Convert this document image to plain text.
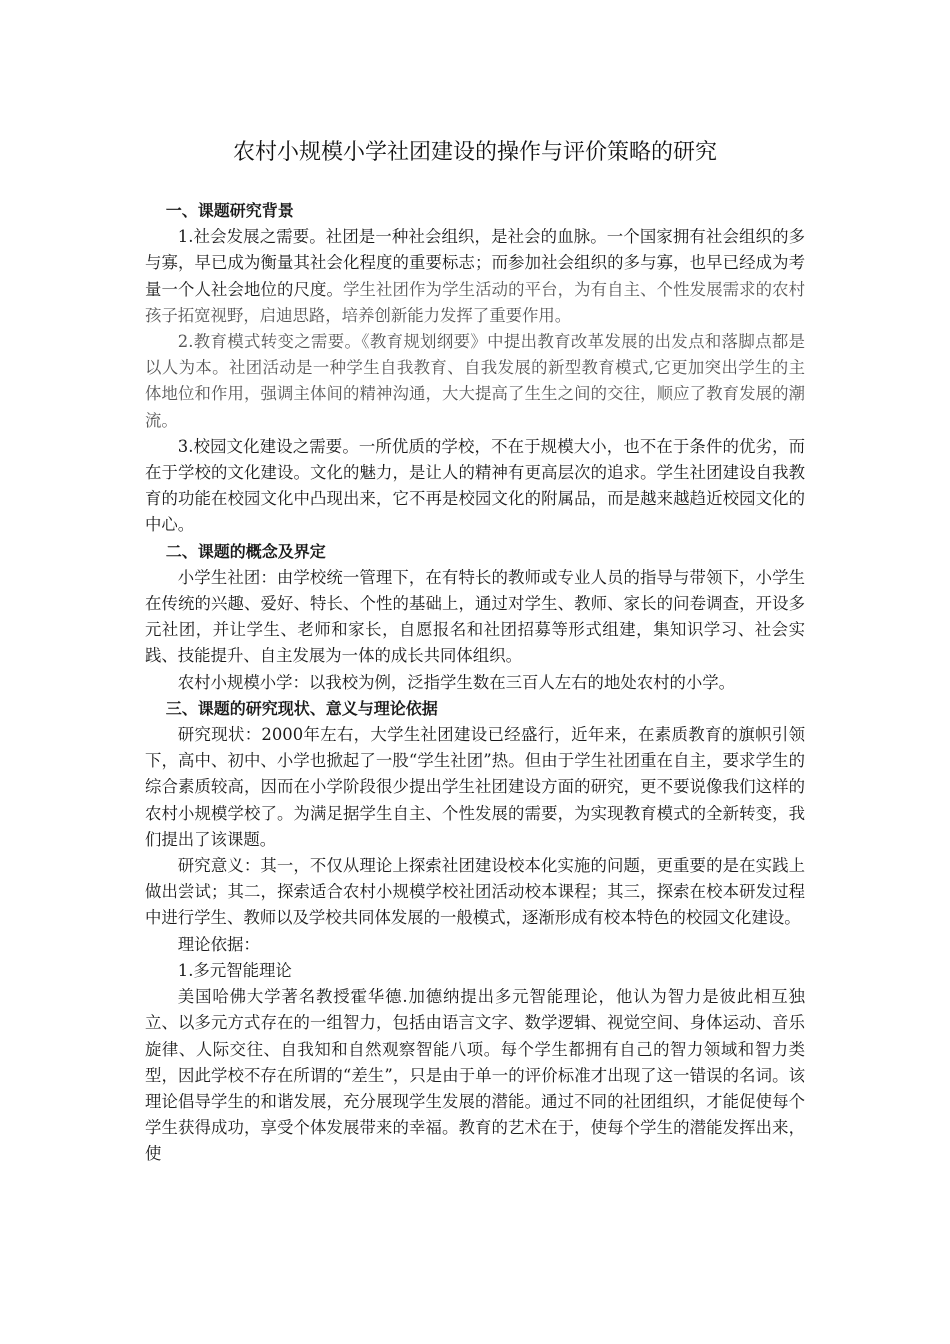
农村小规模小学社团建设的操作与评价策略的研究

一、课题研究背景

1.社会发展之需要。社团是一种社会组织，是社会的血脉。一个国家拥有社会组织的多与寡，早已成为衡量其社会化程度的重要标志；而参加社会组织的多与寡，也早已经成为考量一个人社会地位的尺度。学生社团作为学生活动的平台，为有自主、个性发展需求的农村孩子拓宽视野，启迪思路，培养创新能力发挥了重要作用。

2.教育模式转变之需要。《教育规划纲要》中提出教育改革发展的出发点和落脚点都是以人为本。社团活动是一种学生自我教育、自我发展的新型教育模式,它更加突出学生的主体地位和作用，强调主体间的精神沟通，大大提高了生生之间的交往，顺应了教育发展的潮流。

3.校园文化建设之需要。一所优质的学校，不在于规模大小，也不在于条件的优劣，而在于学校的文化建设。文化的魅力，是让人的精神有更高层次的追求。学生社团建设自我教育的功能在校园文化中凸现出来，它不再是校园文化的附属品，而是越来越趋近校园文化的中心。

二、课题的概念及界定

小学生社团：由学校统一管理下，在有特长的教师或专业人员的指导与带领下，小学生在传统的兴趣、爱好、特长、个性的基础上，通过对学生、教师、家长的问卷调查，开设多元社团，并让学生、老师和家长，自愿报名和社团招募等形式组建，集知识学习、社会实践、技能提升、自主发展为一体的成长共同体组织。

农村小规模小学：以我校为例，泛指学生数在三百人左右的地处农村的小学。

三、课题的研究现状、意义与理论依据

研究现状：2000年左右，大学生社团建设已经盛行，近年来，在素质教育的旗帜引领下，高中、初中、小学也掀起了一股“学生社团”热。但由于学生社团重在自主，要求学生的综合素质较高，因而在小学阶段很少提出学生社团建设方面的研究，更不要说像我们这样的农村小规模学校了。为满足据学生自主、个性发展的需要，为实现教育模式的全新转变，我们提出了该课题。

研究意义：其一，不仅从理论上探索社团建设校本化实施的问题，更重要的是在实践上做出尝试；其二，探索适合农村小规模学校社团活动校本课程；其三，探索在校本研发过程中进行学生、教师以及学校共同体发展的一般模式，逐渐形成有校本特色的校园文化建设。

理论依据：

1.多元智能理论

美国哈佛大学著名教授霍华德.加德纳提出多元智能理论，他认为智力是彼此相互独立、以多元方式存在的一组智力，包括由语言文字、数学逻辑、视觉空间、身体运动、音乐旋律、人际交往、自我知和自然观察智能八项。每个学生都拥有自己的智力领域和智力类型，因此学校不存在所谓的“差生”，只是由于单一的评价标准才出现了这一错误的名词。该理论倡导学生的和谐发展，充分展现学生发展的潜能。通过不同的社团组织，才能促使每个学生获得成功，享受个体发展带来的幸福。教育的艺术在于，使每个学生的潜能发挥出来，使
